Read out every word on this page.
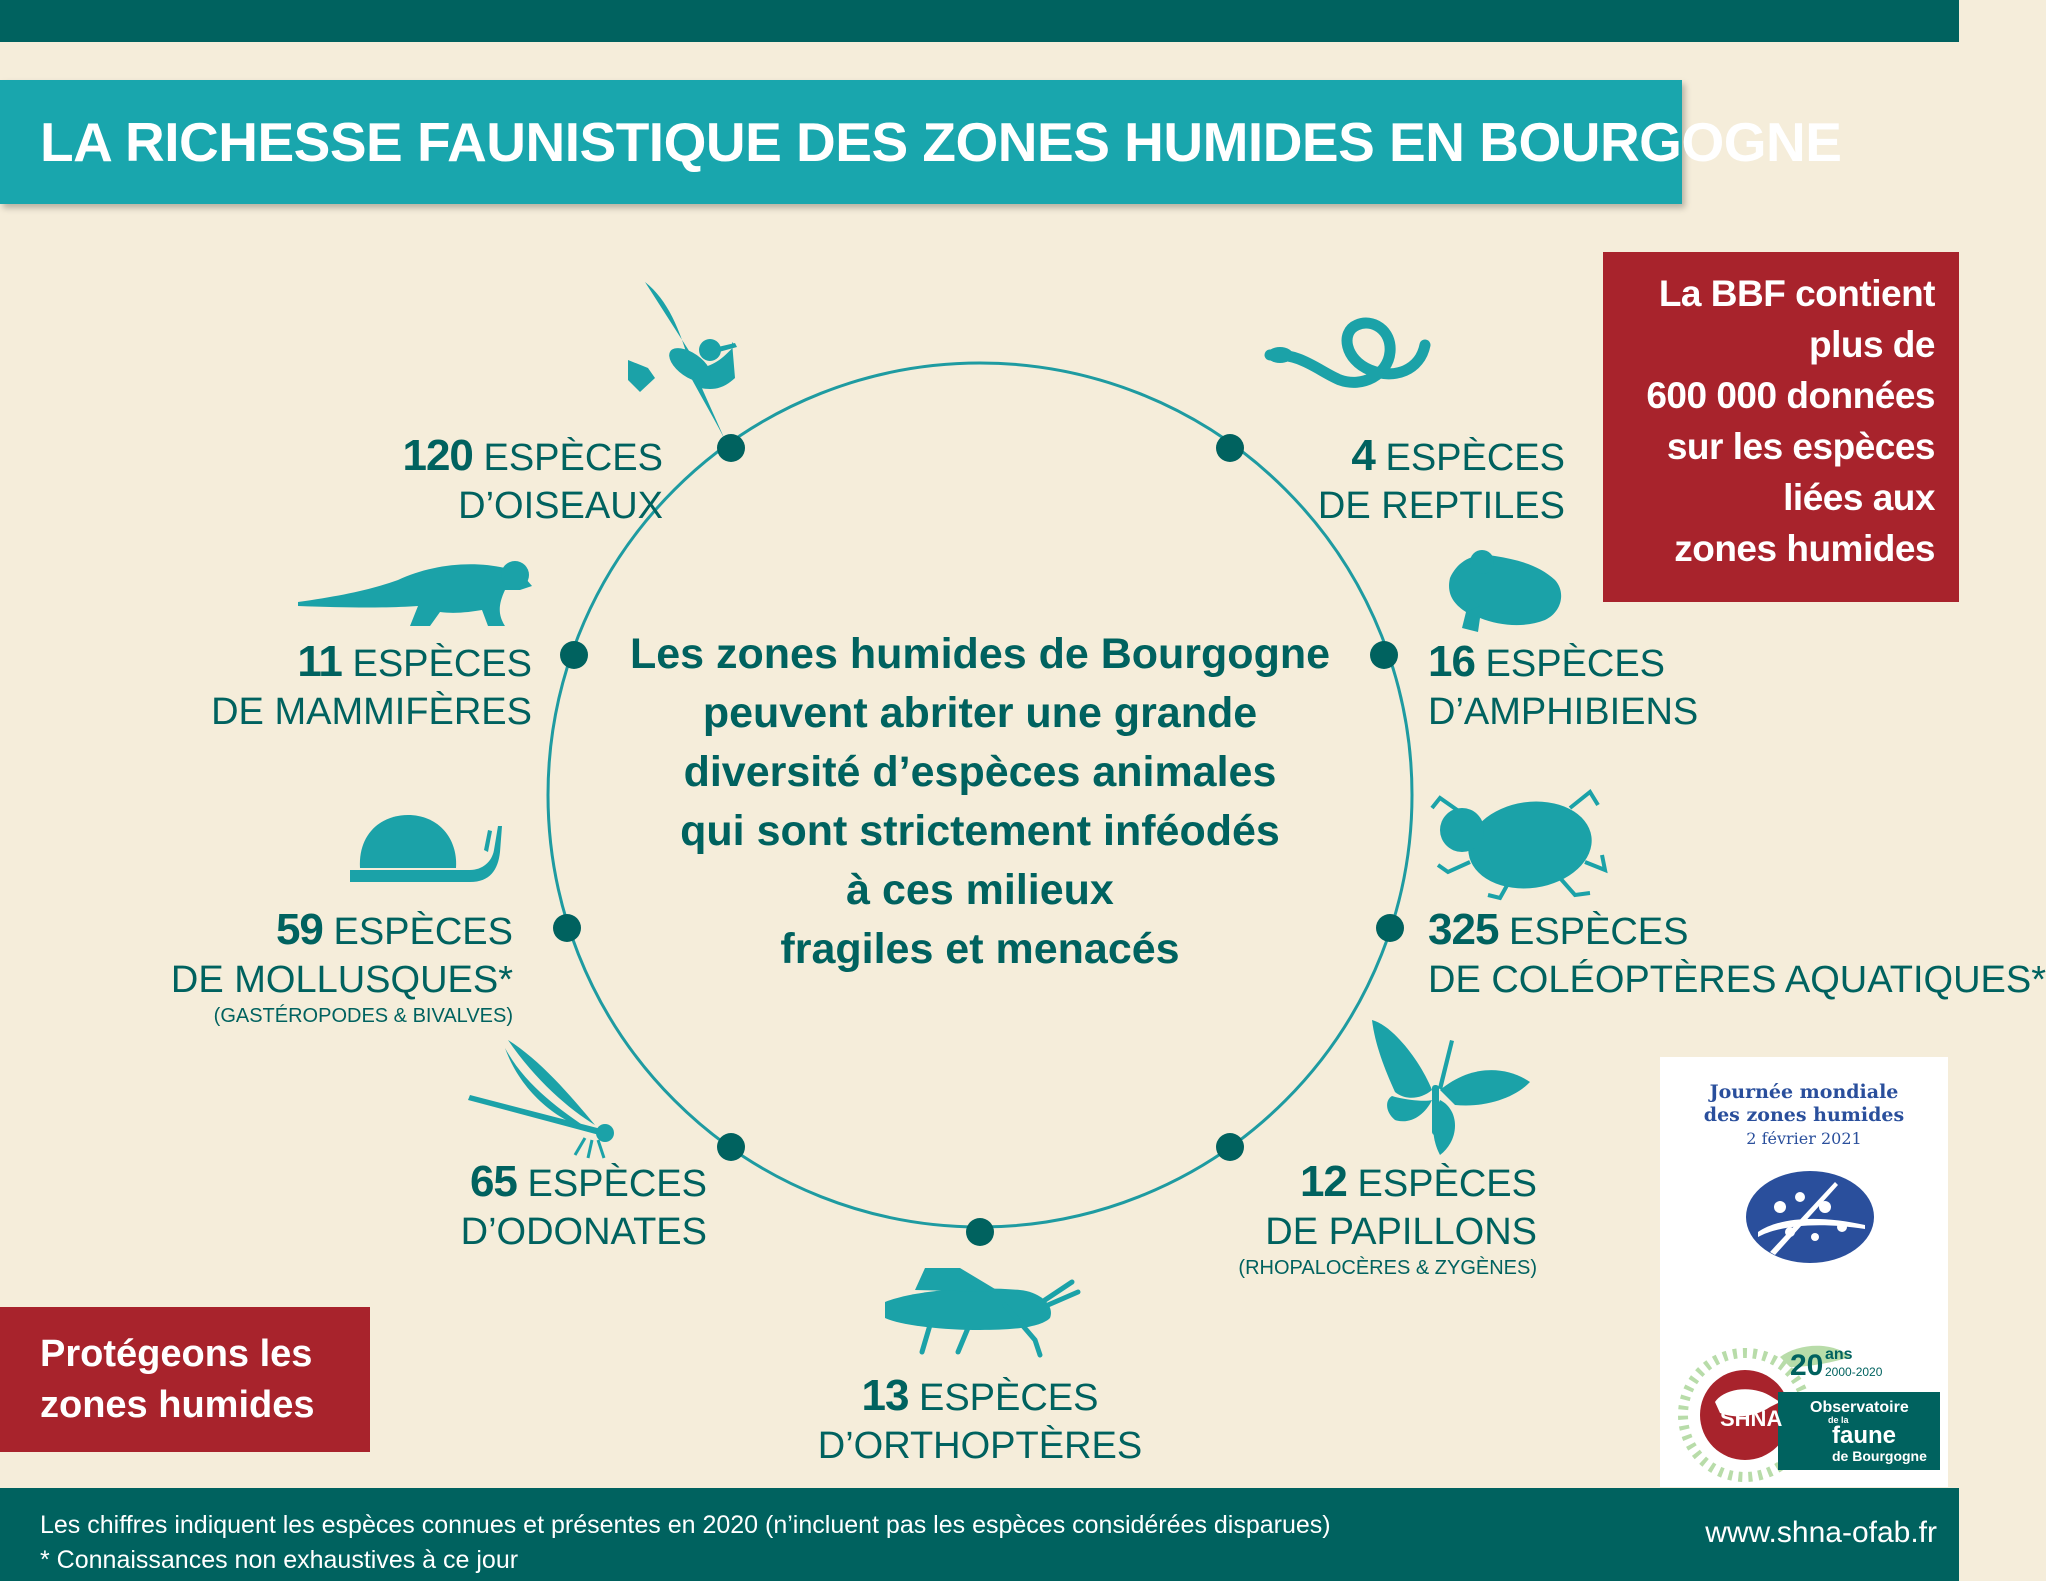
LA RICHESSE FAUNISTIQUE DES ZONES HUMIDES EN BOURGOGNE
Les zones humides de Bourgogne
peuvent abriter une grande
diversité d’espèces animales
qui sont strictement inféodés
à ces milieux
fragiles et menacés
120 ESPÈCES
D’OISEAUX
4 ESPÈCES
DE REPTILES
11 ESPÈCES
DE MAMMIFÈRES
16 ESPÈCES
D’AMPHIBIENS
59 ESPÈCES
DE MOLLUSQUES*
(GASTÉROPODES & BIVALVES)
325 ESPÈCES
DE COLÉOPTÈRES AQUATIQUES*
65 ESPÈCES
D’ODONATES
12 ESPÈCES
DE PAPILLONS
(RHOPALOCÈRES & ZYGÈNES)
13 ESPÈCES
D’ORTHOPTÈRES
La BBF contient
plus de
600 000 données
sur les espèces
liées aux
zones humides
Protégeons les
zones humides
Journée mondiale
des zones humides
2 février 2021
20 ans
2000-2020
SHNA Observatoire
de la
faune
de Bourgogne
Les chiffres indiquent les espèces connues et présentes en 2020 (n’incluent pas les espèces considérées disparues)
* Connaissances non exhaustives à ce jour
www.shna-ofab.fr
